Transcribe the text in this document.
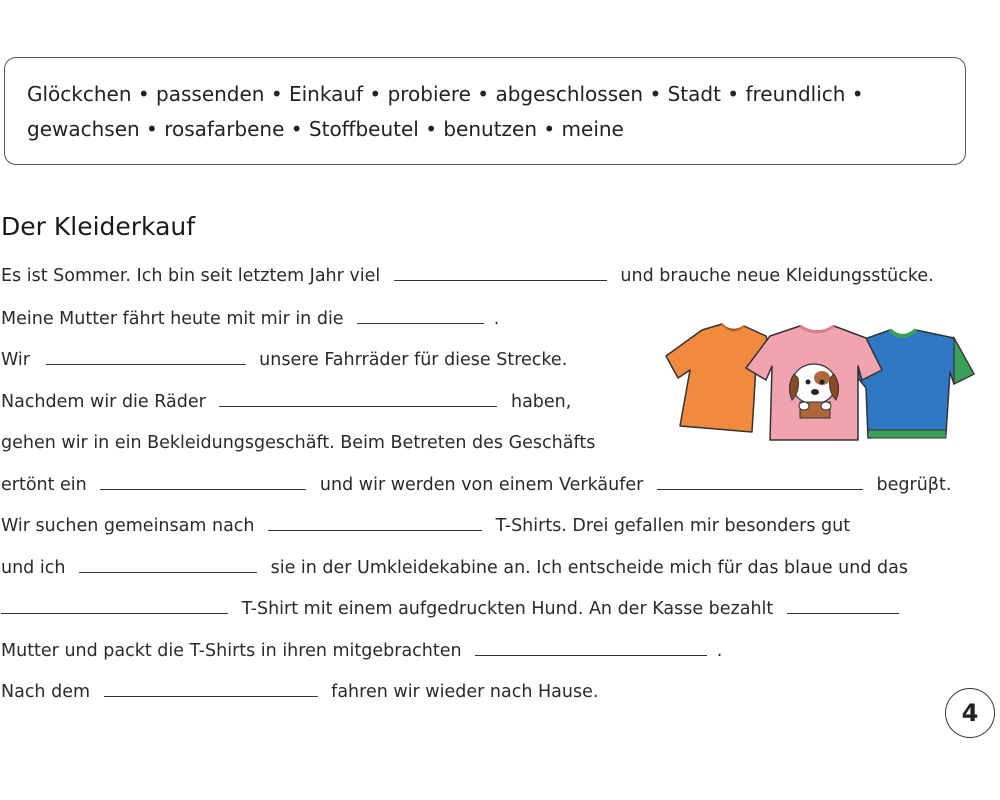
Glöckchen • passenden • Einkauf • probiere • abgeschlossen • Stadt • freundlich •
gewachsen • rosafarbene • Stoffbeutel • benutzen • meine
Der Kleiderkauf
Es ist Sommer. Ich bin seit letztem Jahr viel	und brauche neue Kleidungsstücke.
Meine Mutter fährt heute mit mir in die	.
Wir	unsere Fahrräder für diese Strecke.
Nachdem wir die Räder	haben,
gehen wir in ein Bekleidungsgeschäft. Beim Betreten des Geschäfts
ertönt ein	und wir werden von einem Verkäufer	begrüβt.
Wir suchen gemeinsam nach	T-Shirts. Drei gefallen mir besonders gut
und ich	sie in der Umkleidekabine an. Ich entscheide mich für das blaue und das
T-Shirt mit einem aufgedruckten Hund. An der Kasse bezahlt
Mutter und packt die T-Shirts in ihren mitgebrachten	.
Nach dem	fahren wir wieder nach Hause.
4
